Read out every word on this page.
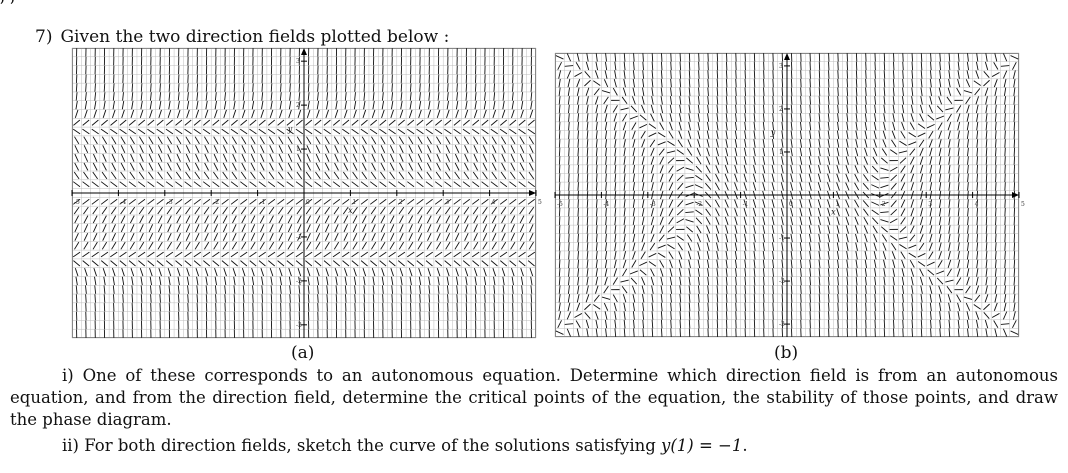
7) Given the two direction fields plotted below :
-5	-4	-3	-2	-1	0	1	2	3	4	5
3
2
1
-1
-2
-3
x
y
-5	-4	-3	-2	-1	0	1	2	3	4	5
3
2
1
-1
-2
-3
x
y
(a)	(b)
i) One of these corresponds to an autonomous equation. Determine which direction field is from an autonomous equation, and from the direction field, determine the critical points of the equation, the stability of those points, and draw the phase diagram.
ii) For both direction fields, sketch the curve of the solutions satisfying y(1) = −1.
